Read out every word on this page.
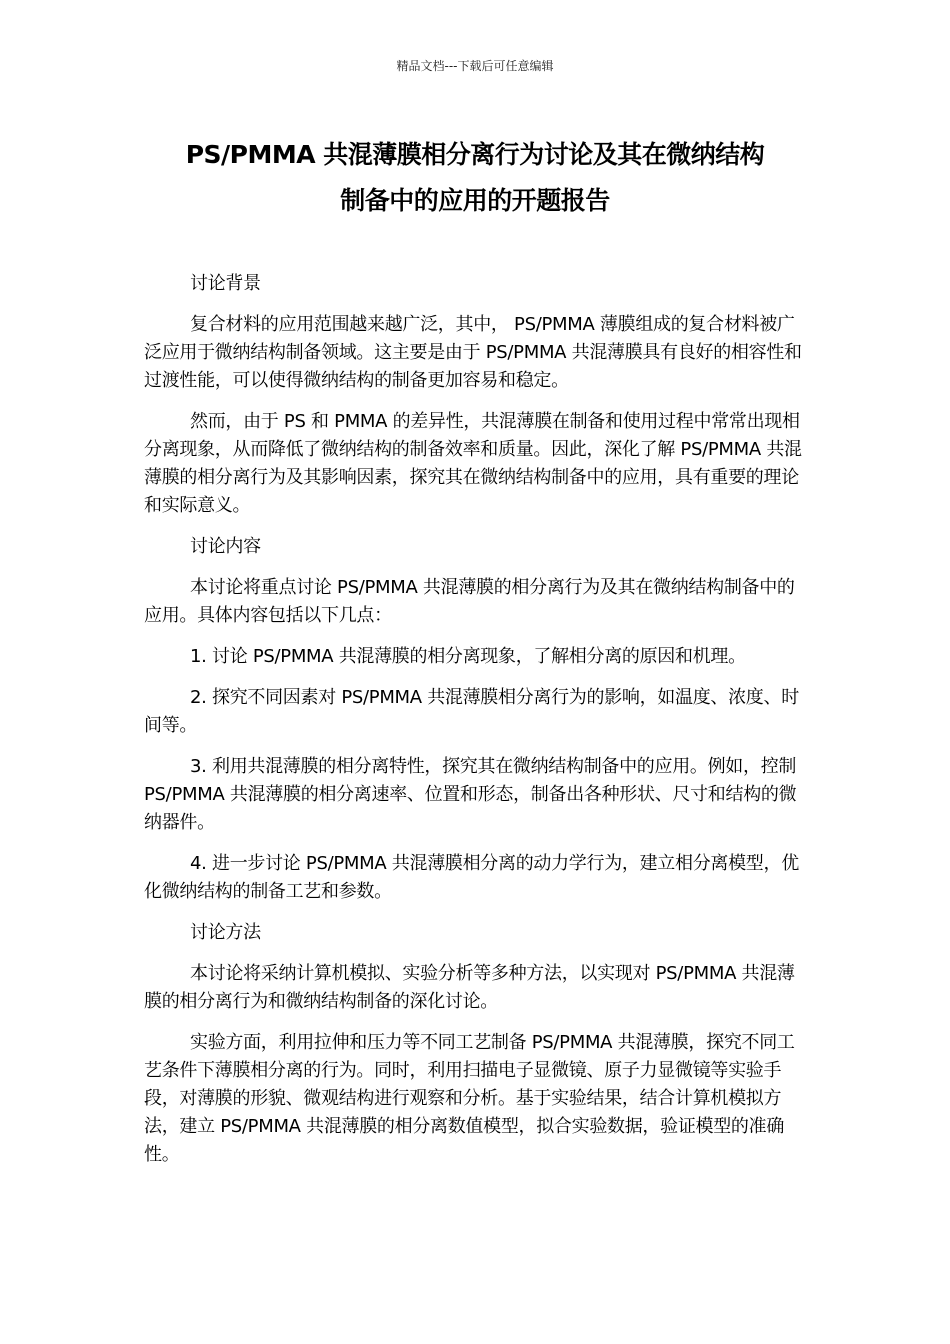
精品文档---下载后可任意编辑
PS/PMMA 共混薄膜相分离行为讨论及其在微纳结构
制备中的应用的开题报告

讨论背景

复合材料的应用范围越来越广泛，其中， PS/PMMA 薄膜组成的复合材料被广泛应用于微纳结构制备领域。这主要是由于 PS/PMMA 共混薄膜具有良好的相容性和过渡性能，可以使得微纳结构的制备更加容易和稳定。

然而，由于 PS 和 PMMA 的差异性，共混薄膜在制备和使用过程中常常出现相分离现象，从而降低了微纳结构的制备效率和质量。因此，深化了解 PS/PMMA 共混薄膜的相分离行为及其影响因素，探究其在微纳结构制备中的应用，具有重要的理论和实际意义。

讨论内容

本讨论将重点讨论 PS/PMMA 共混薄膜的相分离行为及其在微纳结构制备中的应用。具体内容包括以下几点：

1. 讨论 PS/PMMA 共混薄膜的相分离现象，了解相分离的原因和机理。

2. 探究不同因素对 PS/PMMA 共混薄膜相分离行为的影响，如温度、浓度、时间等。

3. 利用共混薄膜的相分离特性，探究其在微纳结构制备中的应用。例如，控制 PS/PMMA 共混薄膜的相分离速率、位置和形态，制备出各种形状、尺寸和结构的微纳器件。

4. 进一步讨论 PS/PMMA 共混薄膜相分离的动力学行为，建立相分离模型，优化微纳结构的制备工艺和参数。

讨论方法

本讨论将采纳计算机模拟、实验分析等多种方法，以实现对 PS/PMMA 共混薄膜的相分离行为和微纳结构制备的深化讨论。

实验方面，利用拉伸和压力等不同工艺制备 PS/PMMA 共混薄膜，探究不同工艺条件下薄膜相分离的行为。同时，利用扫描电子显微镜、原子力显微镜等实验手段，对薄膜的形貌、微观结构进行观察和分析。基于实验结果，结合计算机模拟方法，建立 PS/PMMA 共混薄膜的相分离数值模型，拟合实验数据，验证模型的准确性。
